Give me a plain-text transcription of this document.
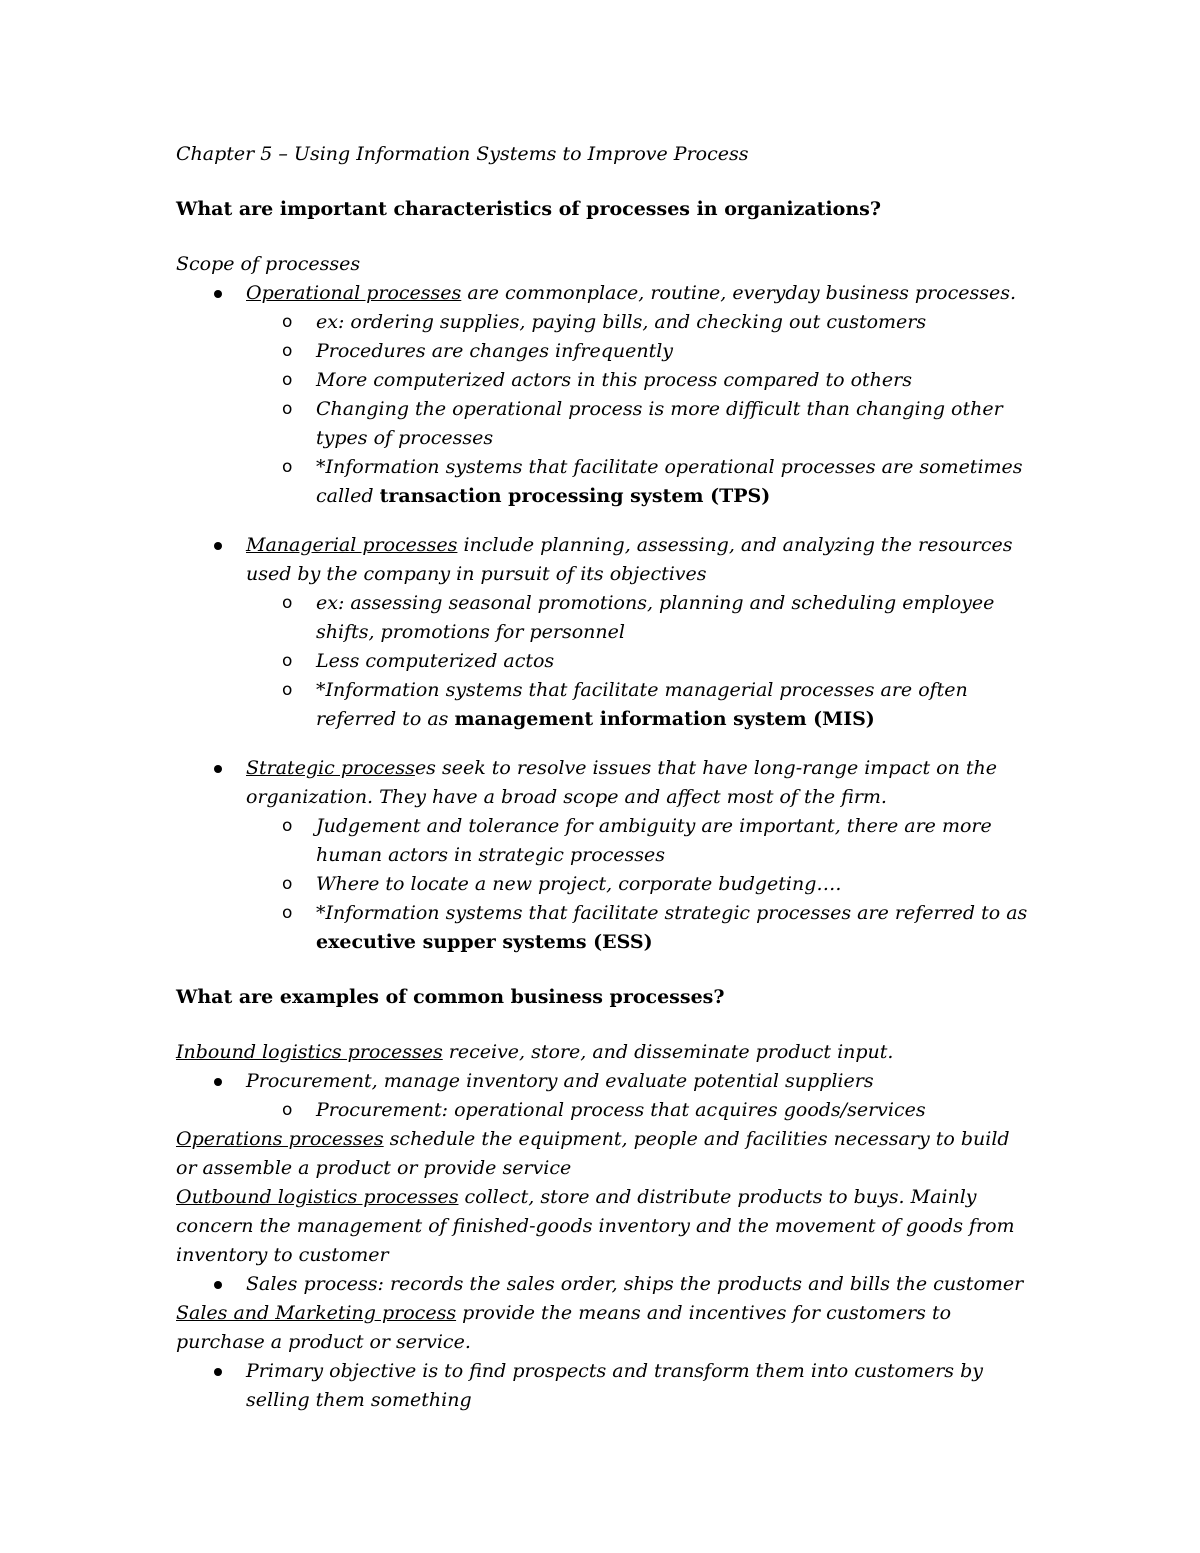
Chapter 5 – Using Information Systems to Improve Process

What are important characteristics of processes in organizations?

Scope of processes

Operational processes are commonplace, routine, everyday business processes.
o ex: ordering supplies, paying bills, and checking out customers
o Procedures are changes infrequently
o More computerized actors in this process compared to others
o Changing the operational process is more difficult than changing other types of processes
o *Information systems that facilitate operational processes are sometimes called transaction processing system (TPS)
Managerial processes include planning, assessing, and analyzing the resources used by the company in pursuit of its objectives
o ex: assessing seasonal promotions, planning and scheduling employee shifts, promotions for personnel
o Less computerized actos
o *Information systems that facilitate managerial processes are often referred to as management information system (MIS)
Strategic processes seek to resolve issues that have long-range impact on the organization. They have a broad scope and affect most of the firm.
o Judgement and tolerance for ambiguity are important, there are more human actors in strategic processes
o Where to locate a new project, corporate budgeting….
o *Information systems that facilitate strategic processes are referred to as executive supper systems (ESS)

What are examples of common business processes?

Inbound logistics processes receive, store, and disseminate product input.

Procurement, manage inventory and evaluate potential suppliers
o Procurement: operational process that acquires goods/services

Operations processes schedule the equipment, people and facilities necessary to build or assemble a product or provide service

Outbound logistics processes collect, store and distribute products to buys. Mainly concern the management of finished-goods inventory and the movement of goods from inventory to customer

Sales process: records the sales order, ships the products and bills the customer

Sales and Marketing process provide the means and incentives for customers to purchase a product or service.

Primary objective is to find prospects and transform them into customers by selling them something
